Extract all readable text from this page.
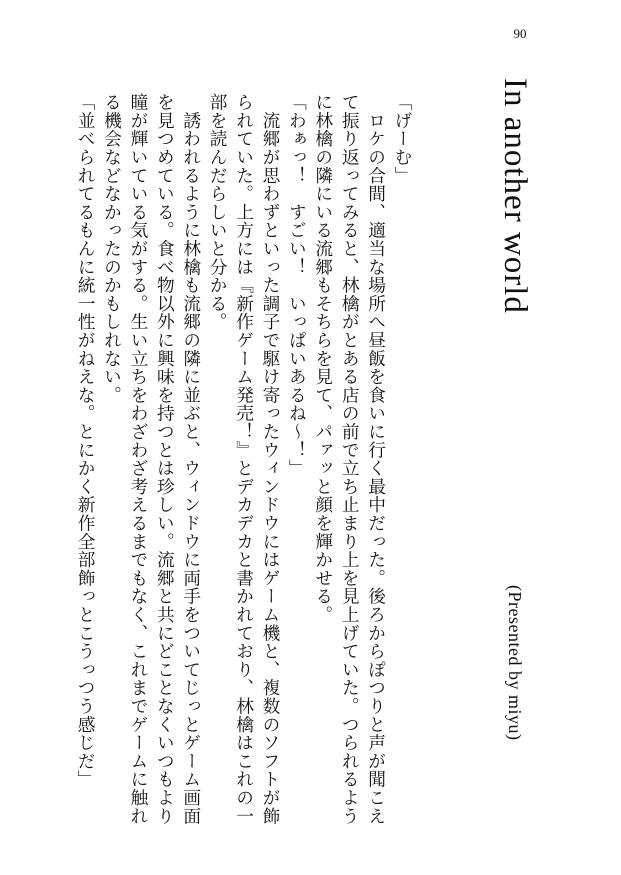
90
In another world
(Presented by miyu)
「げーむ」
　ロケの合間、適当な場所へ昼飯を食いに行く最中だった。後ろからぽつりと声が聞こえ
て振り返ってみると、林檎がとある店の前で立ち止まり上を見上げていた。つられるよう
に林檎の隣にいる流郷もそちらを見て、パァッと顔を輝かせる。
「わぁっ！　すごい！　いっぱいあるね～！」
　流郷が思わずといった調子で駆け寄ったウィンドウにはゲーム機と、複数のソフトが飾
られていた。上方には『新作ゲーム発売！』とデカデカと書かれており、林檎はこれの一
部を読んだらしいと分かる。
　誘われるように林檎も流郷の隣に並ぶと、ウィンドウに両手をついてじっとゲーム画面
を見つめている。食べ物以外に興味を持つとは珍しい。流郷と共にどことなくいつもより
瞳が輝いている気がする。生い立ちをわざわざ考えるまでもなく、これまでゲームに触れ
る機会などなかったのかもしれない。
「並べられてるもんに統一性がねえな。とにかく新作全部飾っとこうっつう感じだ」
